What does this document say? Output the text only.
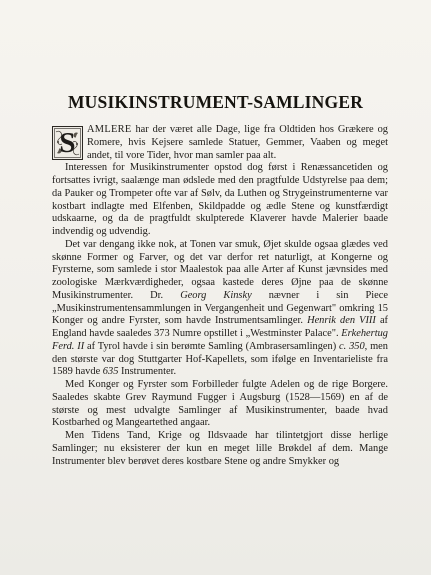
MUSIKINSTRUMENT-SAMLINGER

S	AMLERE har der været alle Dage, lige fra Oldtiden hos Grækere og Romere, hvis Kejsere samlede Statuer, Gemmer, Vaaben og meget andet, til vore Tider, hvor man samler paa alt.

Interessen for Musikinstrumenter opstod dog først i Renæssancetiden og fortsattes ivrigt, saalænge man ødslede med den pragtfulde Udstyrelse paa dem; da Pauker og Trompeter ofte var af Sølv, da Luthen og Strygeinstrumenterne var kostbart indlagte med Elfenben, Skildpadde og ædle Stene og kunstfærdigt udskaarne, og da de pragtfuldt skulpterede Klaverer havde Malerier baade indvendig og udvendig.

Det var dengang ikke nok, at Tonen var smuk, Øjet skulde ogsaa glædes ved skønne Former og Farver, og det var derfor ret naturligt, at Kongerne og Fyrsterne, som samlede i stor Maalestok paa alle Arter af Kunst jævnsides med zoologiske Mærkværdigheder, ogsaa kastede deres Øjne paa de skønne Musikinstrumenter. Dr. Georg Kinsky nævner i sin Piece „Musikinstrumentensammlungen in Vergangenheit und Gegenwart" omkring 15 Konger og andre Fyrster, som havde Instrumentsamlinger. Henrik den VIII af England havde saaledes 373 Numre opstillet i „Westminster Palace". Erkehertug Ferd. II af Tyrol havde i sin berømte Samling (Ambrasersamlingen) c. 350, men den største var dog Stuttgarter Hof-Kapellets, som ifølge en Inventarieliste fra 1589 havde 635 Instrumenter.

Med Konger og Fyrster som Forbilleder fulgte Adelen og de rige Borgere. Saaledes skabte Grev Raymund Fugger i Augsburg (1528—1569) en af de største og mest udvalgte Samlinger af Musikinstrumenter, baade hvad Kostbarhed og Mangeartethed angaar.

Men Tidens Tand, Krige og Ildsvaade har tilintetgjort disse herlige Samlinger; nu eksisterer der kun en meget lille Brøkdel af dem. Mange Instrumenter blev berøvet deres kostbare Stene og andre Smykker og
